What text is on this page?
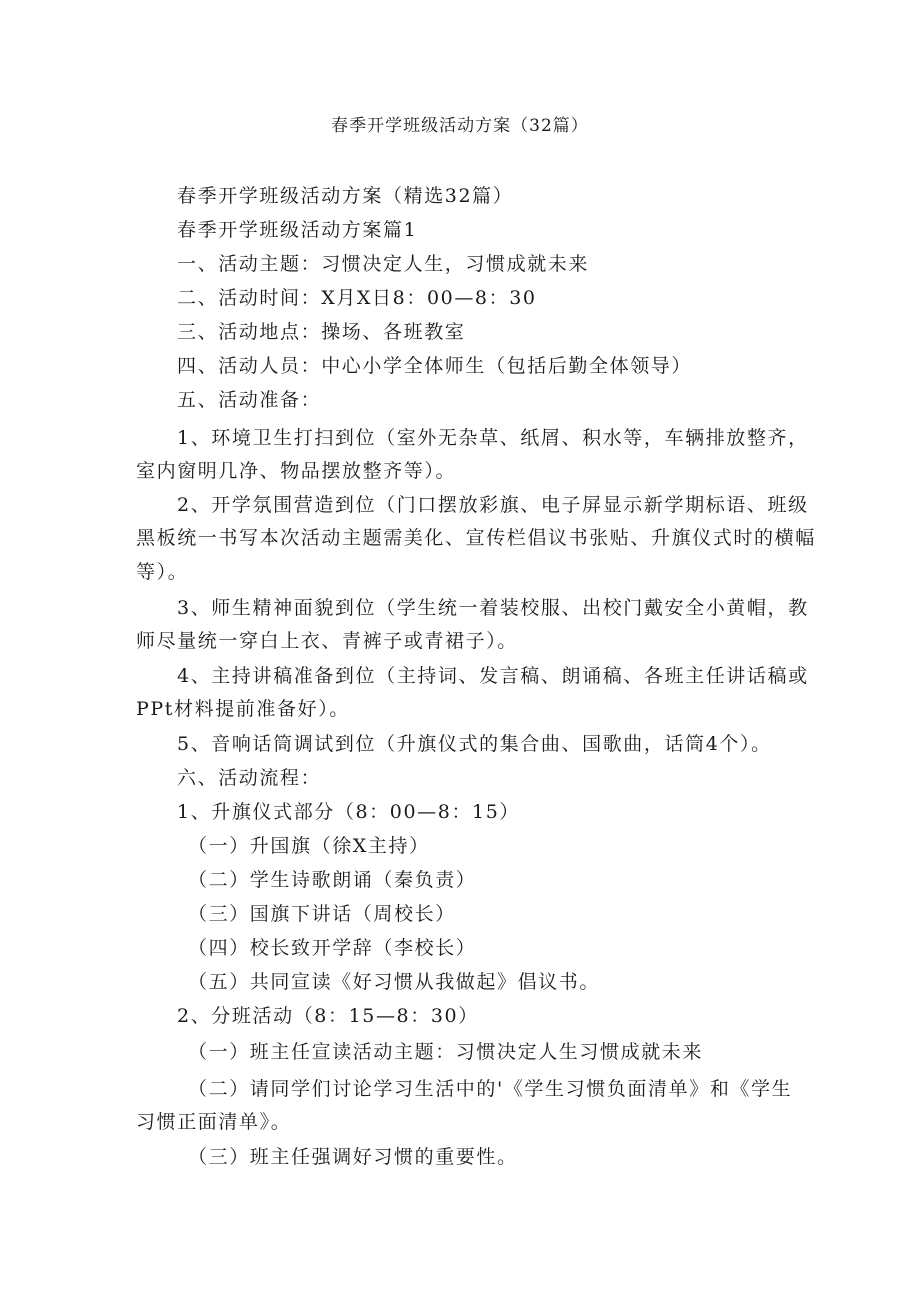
春季开学班级活动方案（32篇）
春季开学班级活动方案（精选32篇）
春季开学班级活动方案篇1
一、活动主题：习惯决定人生，习惯成就未来
二、活动时间：X月X日8：00—8：30
三、活动地点：操场、各班教室
四、活动人员：中心小学全体师生（包括后勤全体领导）
五、活动准备：
1、环境卫生打扫到位（室外无杂草、纸屑、积水等，车辆排放整齐，
室内窗明几净、物品摆放整齐等）。
2、开学氛围营造到位（门口摆放彩旗、电子屏显示新学期标语、班级
黑板统一书写本次活动主题需美化、宣传栏倡议书张贴、升旗仪式时的横幅
等）。
3、师生精神面貌到位（学生统一着装校服、出校门戴安全小黄帽，教
师尽量统一穿白上衣、青裤子或青裙子）。
4、主持讲稿准备到位（主持词、发言稿、朗诵稿、各班主任讲话稿或
PPt材料提前准备好）。
5、音响话筒调试到位（升旗仪式的集合曲、国歌曲，话筒4个）。
六、活动流程：
1、升旗仪式部分（8：00—8：15）
（一）升国旗（徐X主持）
（二）学生诗歌朗诵（秦负责）
（三）国旗下讲话（周校长）
（四）校长致开学辞（李校长）
（五）共同宣读《好习惯从我做起》倡议书。
2、分班活动（8：15—8：30）
（一）班主任宣读活动主题：习惯决定人生习惯成就未来
（二）请同学们讨论学习生活中的'《学生习惯负面清单》和《学生
习惯正面清单》。
（三）班主任强调好习惯的重要性。
